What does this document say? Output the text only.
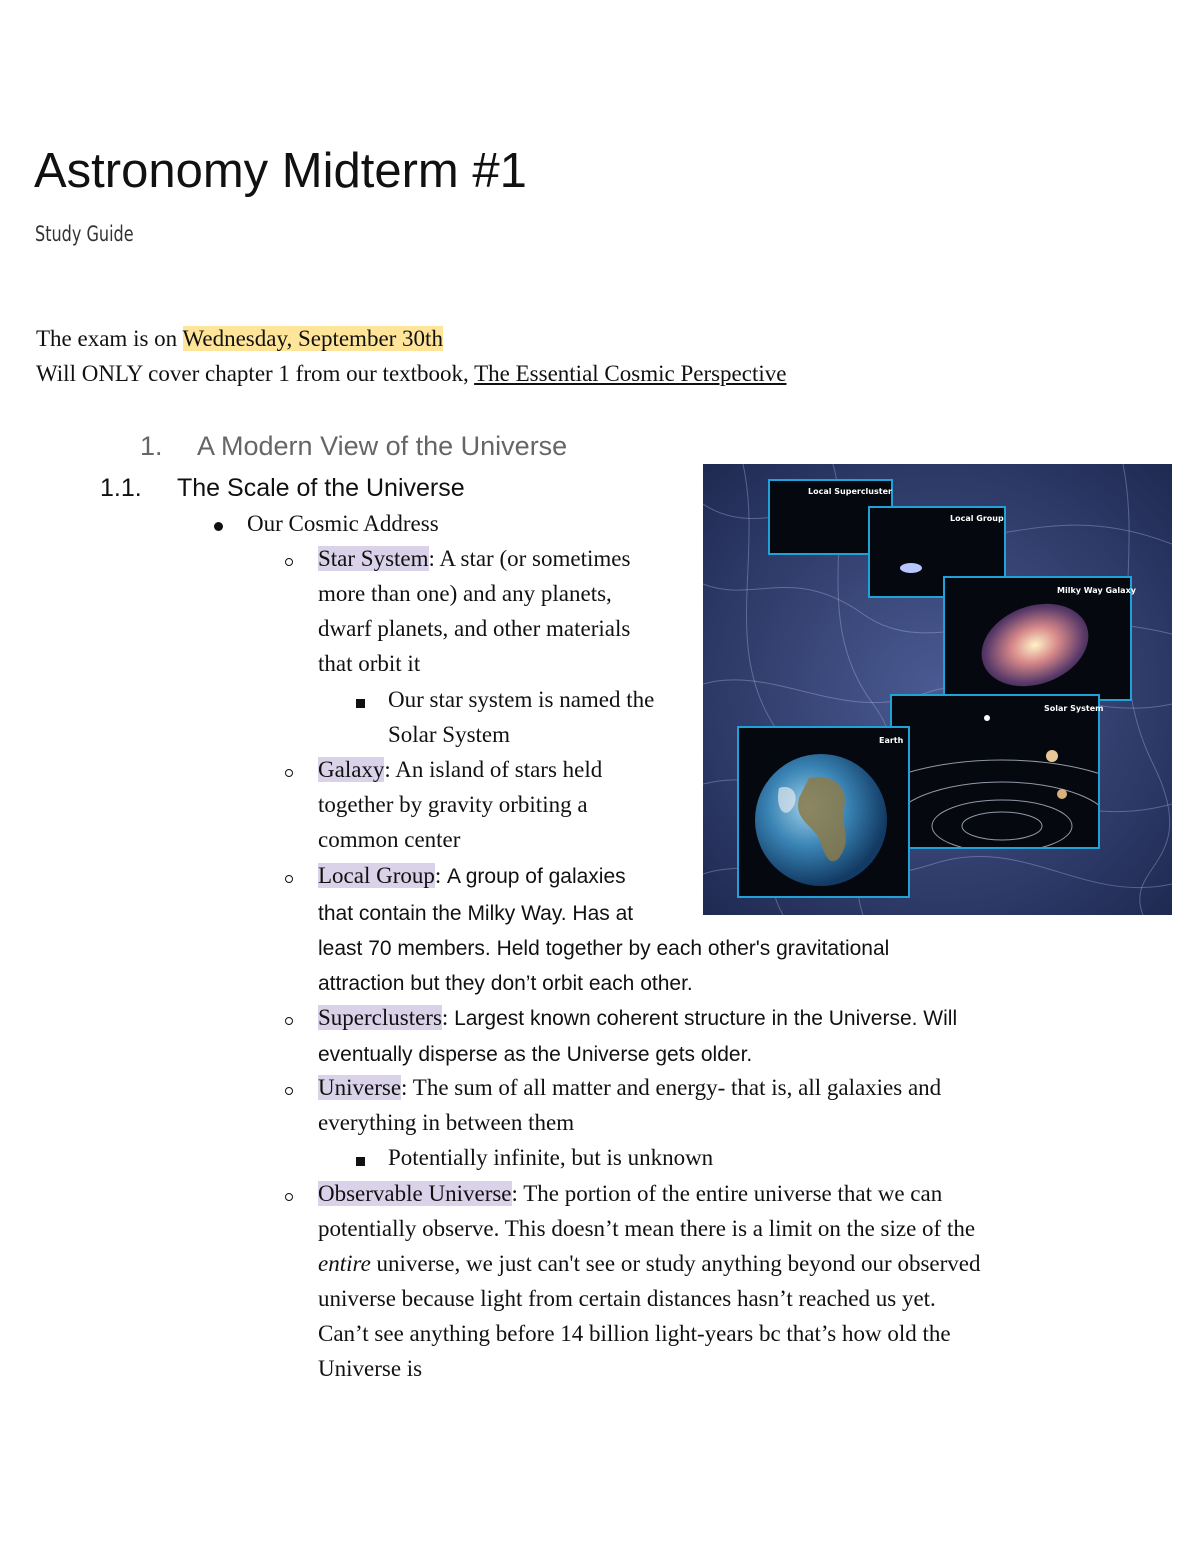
Astronomy Midterm #1
Study Guide
The exam is on Wednesday, September 30th
Will ONLY cover chapter 1 from our textbook, The Essential Cosmic Perspective
1. A Modern View of the Universe
1.1. The Scale of the Universe
Our Cosmic Address
Star System: A star (or sometimes
more than one) and any planets,
dwarf planets, and other materials
that orbit it
Our star system is named the
Solar System
Galaxy: An island of stars held
together by gravity orbiting a
common center
Local Group: A group of galaxies
that contain the Milky Way. Has at
least 70 members. Held together by each other's gravitational
attraction but they don’t orbit each other.
Superclusters: Largest known coherent structure in the Universe. Will
eventually disperse as the Universe gets older.
Universe: The sum of all matter and energy- that is, all galaxies and
everything in between them
Potentially infinite, but is unknown
Observable Universe: The portion of the entire universe that we can
potentially observe. This doesn’t mean there is a limit on the size of the
entire universe, we just can't see or study anything beyond our observed
universe because light from certain distances hasn’t reached us yet.
Can’t see anything before 14 billion light-years bc that’s how old the
Universe is
Local Supercluster
Local Group
Milky Way Galaxy
Solar System
Earth
